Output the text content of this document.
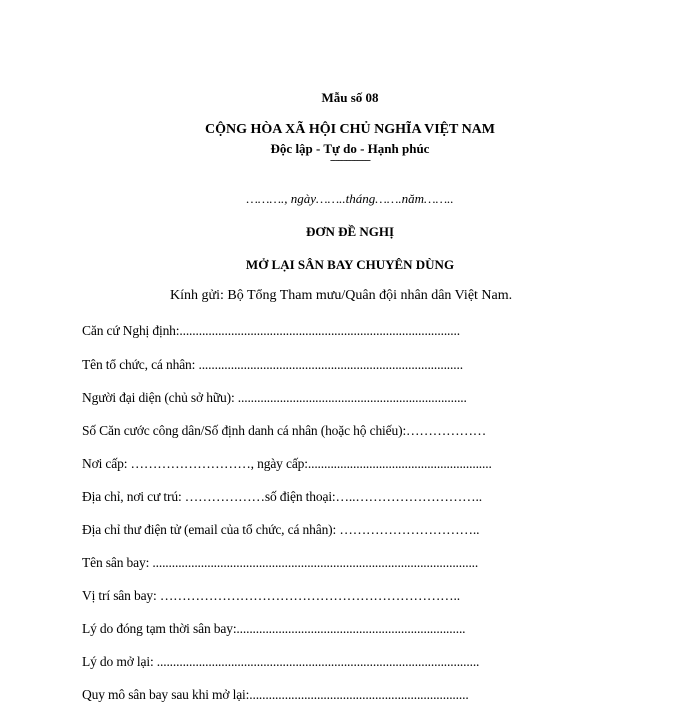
Mẫu số 08
CỘNG HÒA XÃ HỘI CHỦ NGHĨA VIỆT NAM
Độc lập - Tự do - Hạnh phúc
---------------
………., ngày……..tháng…….năm……..
ĐƠN ĐỀ NGHỊ
MỞ LẠI SÂN BAY CHUYÊN DÙNG
Kính gửi: Bộ Tổng Tham mưu/Quân đội nhân dân Việt Nam.
Căn cứ Nghị định:.......................................................................................
Tên tổ chức, cá nhân: ..................................................................................
Người đại diện (chủ sở hữu): .......................................................................
Số Căn cước công dân/Số định danh cá nhân (hoặc hộ chiếu):………………
Nơi cấp: ………………………, ngày cấp:.........................................................
Địa chỉ, nơi cư trú: ………………số điện thoại:…..………………………..
Địa chỉ thư điện tử (email của tổ chức, cá nhân): …………………………..
Tên sân bay: .....................................................................................................
Vị trí sân bay: …………………………………………………………..
Lý do đóng tạm thời sân bay:.......................................................................
Lý do mở lại: ....................................................................................................
Quy mô sân bay sau khi mở lại:....................................................................
